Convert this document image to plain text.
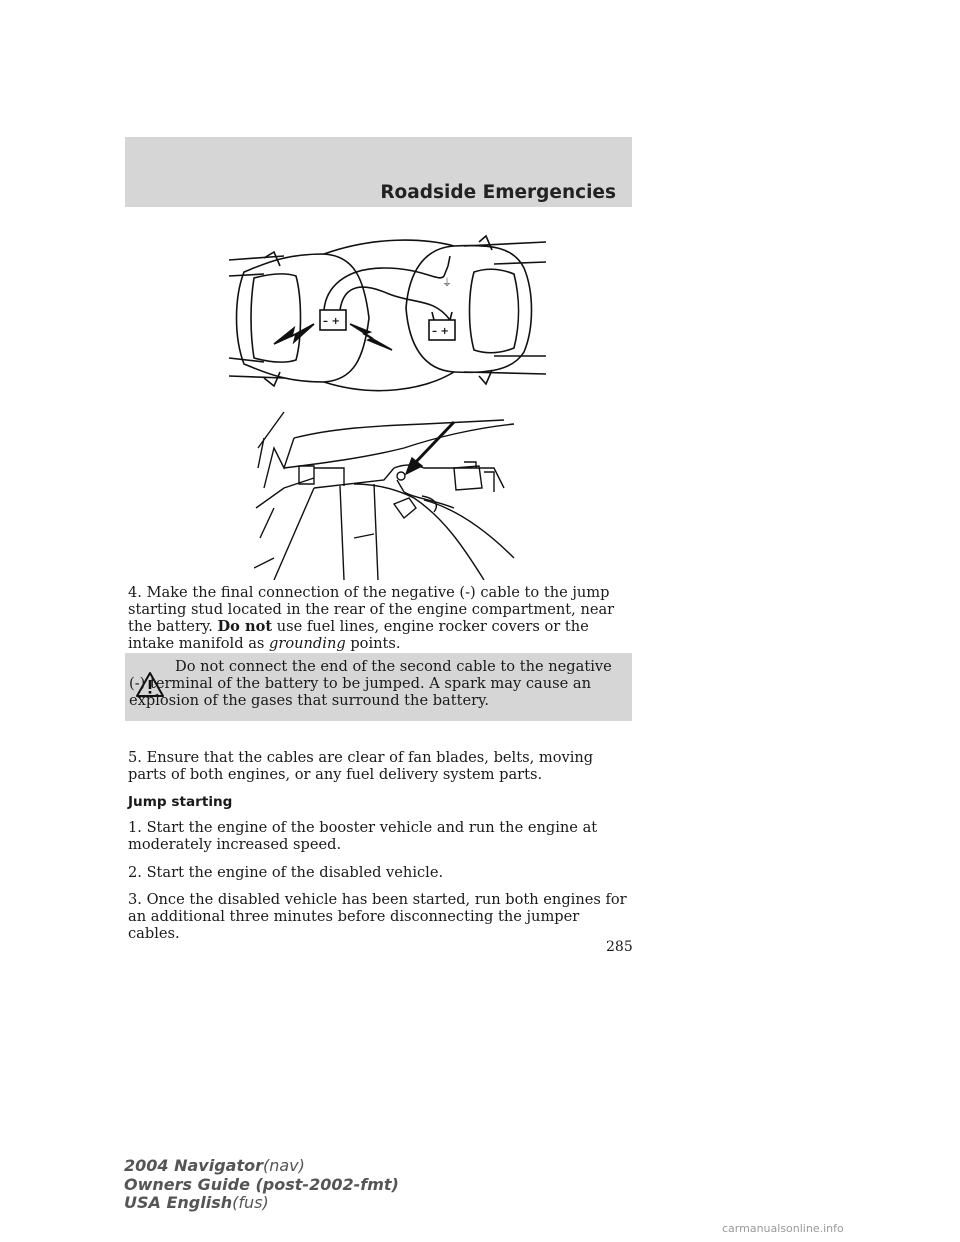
Roadside Emergencies
– +
– +
⏚

4. Make the final connection of the negative (-) cable to the jump starting stud located in the rear of the engine compartment, near the battery. Do not use fuel lines, engine rocker covers or the intake manifold as grounding points.

Do not connect the end of the second cable to the negative (-) terminal of the battery to be jumped. A spark may cause an explosion of the gases that surround the battery.

5. Ensure that the cables are clear of fan blades, belts, moving parts of both engines, or any fuel delivery system parts.

Jump starting

1. Start the engine of the booster vehicle and run the engine at moderately increased speed.

2. Start the engine of the disabled vehicle.

3. Once the disabled vehicle has been started, run both engines for an additional three minutes before disconnecting the jumper cables.

285
2004 Navigator(nav)
Owners Guide (post-2002-fmt)
USA English(fus)
carmanualsonline.info
